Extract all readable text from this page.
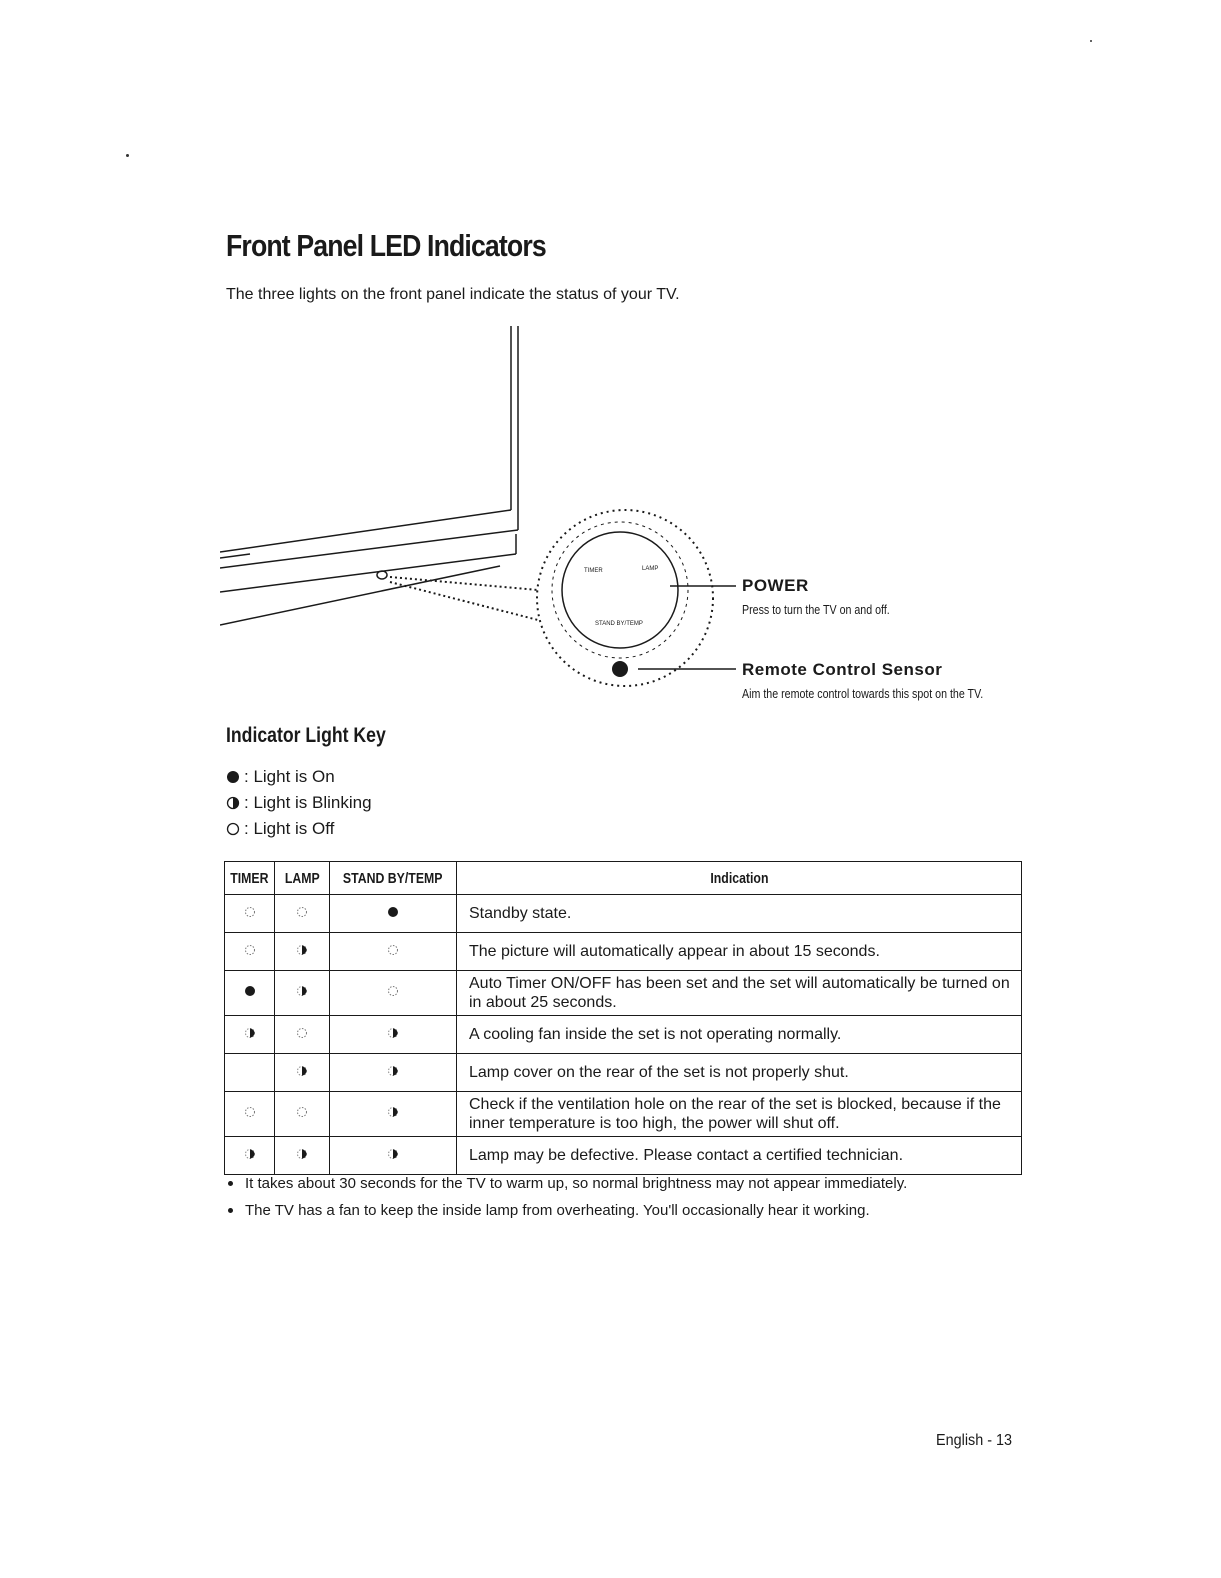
Front Panel LED Indicators

The three lights on the front panel indicate the status of your TV.

TIMER	LAMP
STAND BY/TEMP
POWER
Press to turn the TV on and off.
Remote Control Sensor
Aim the remote control towards this spot on the TV.
Indicator Light Key
: Light is On
: Light is Blinking
: Light is Off
TIMER	LAMP	STAND BY/TEMP	Indication
			Standby state.
			The picture will automatically appear in about 15 seconds.
			Auto Timer ON/OFF has been set and the set will automatically be turned on in about 25 seconds.
			A cooling fan inside the set is not operating normally.
			Lamp cover on the rear of the set is not properly shut.
			Check if the ventilation hole on the rear of the set is blocked, because if the inner temperature is too high, the power will shut off.
			Lamp may be defective. Please contact a certified technician.
It takes about 30 seconds for the TV to warm up, so normal brightness may not appear immediately.
The TV has a fan to keep the inside lamp from overheating. You'll occasionally hear it working.
English - 13
